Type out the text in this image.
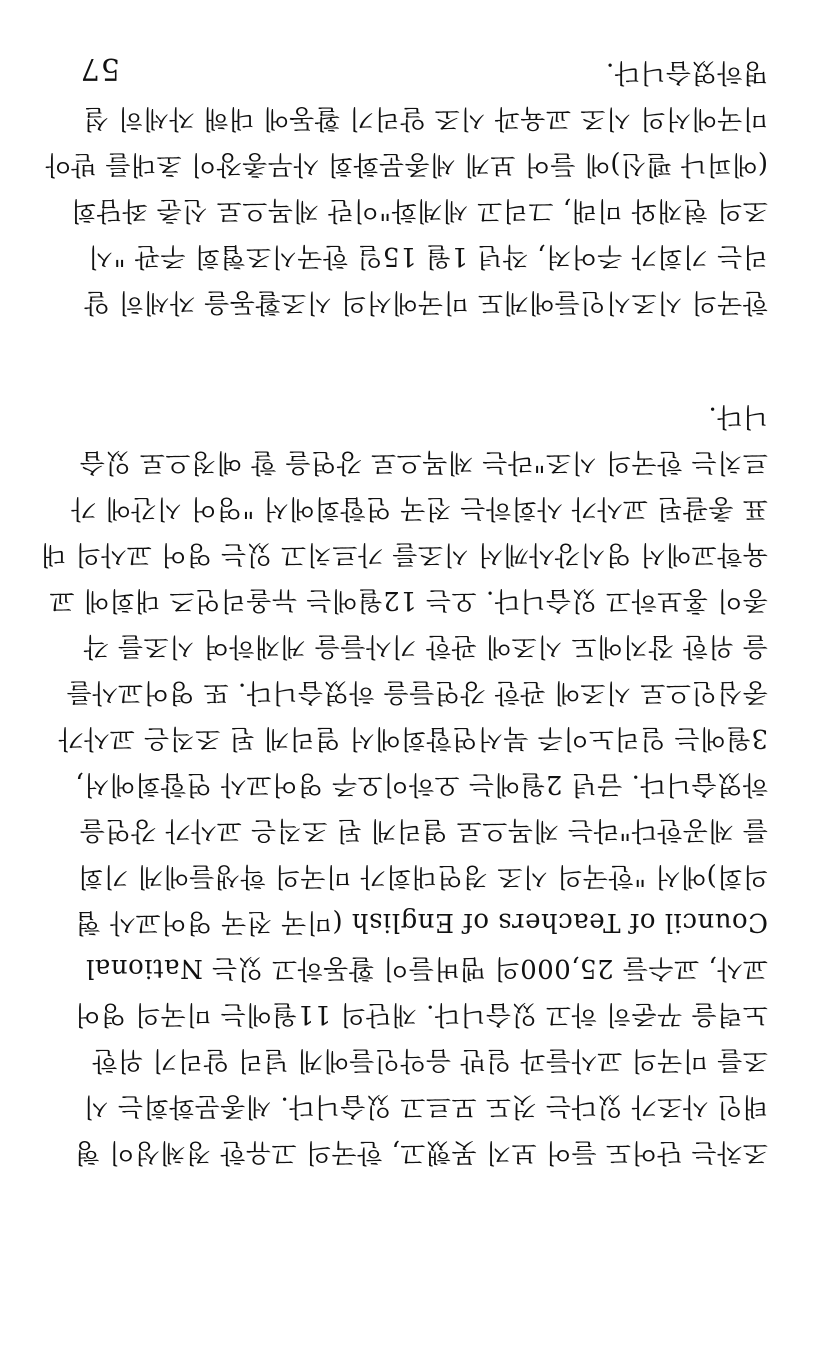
조차는 단어도 들어 보지 못했고, 한국의 고유한 정체성이 형
태인 사조가 있다는 것도 모르고 있습니다. 세종문화회는 시
조를 미국의 교사들과 일반 음악인들에게 널리 알리기 위한
노력을 꾸준히 하고 있습니다. 재단의 11월에는 미국의 영어
교사, 교수들 25,000의 멤버들이 활동하고 있는 National
Council of Teachers of English (미국 전국 영어교사 협
의회)에서 "한국의 시조 경연대회가 미국의 학생들에게 기회
를 제공한다"라는 제목으로 열리게 된 조직은 교사가 강연을
하였습니다. 금년 2월에는 오하이오주 영어교사 연합회에서,
3월에는 일리노이주 북서연합회에서 열리게 된 조직은 교사가
중심인으로 시조에 관한 강연들을 하였습니다. 또 영어교사를
을 위한 잡지에도 시조에 관한 기사들을 게재하여 시조를 각
종이 홍보하고 있습니다. 오는 12월에는 뉴올리언즈 대회에 교
육학교에서 영시강사께서 시조를 가르치고 있는 영어 교사의 대
표 총괄된 교사가 사회하는 전국 연합회에서 "영어 시간에 가
르치는 한국의 시조"라는 제목으로 강연을 할 예정으로 있습
니다.
한국의 시조시인들에게도 미국에서의 시조활동을 자세히 알
리는 기회가 주어져, 작년 1월 15일 한국시조협회 주관 "시
조의 현재와 미래, 그리고 세계화"이란 제목으로 신춘 좌담회
(에피나 펠신)에 들어 보게 세종문화회 사무총장이 초대를 받아
미국에서의 시조 교육과 시조 알리기 활동에 대해 자세히 설
명하였습니다.
57
